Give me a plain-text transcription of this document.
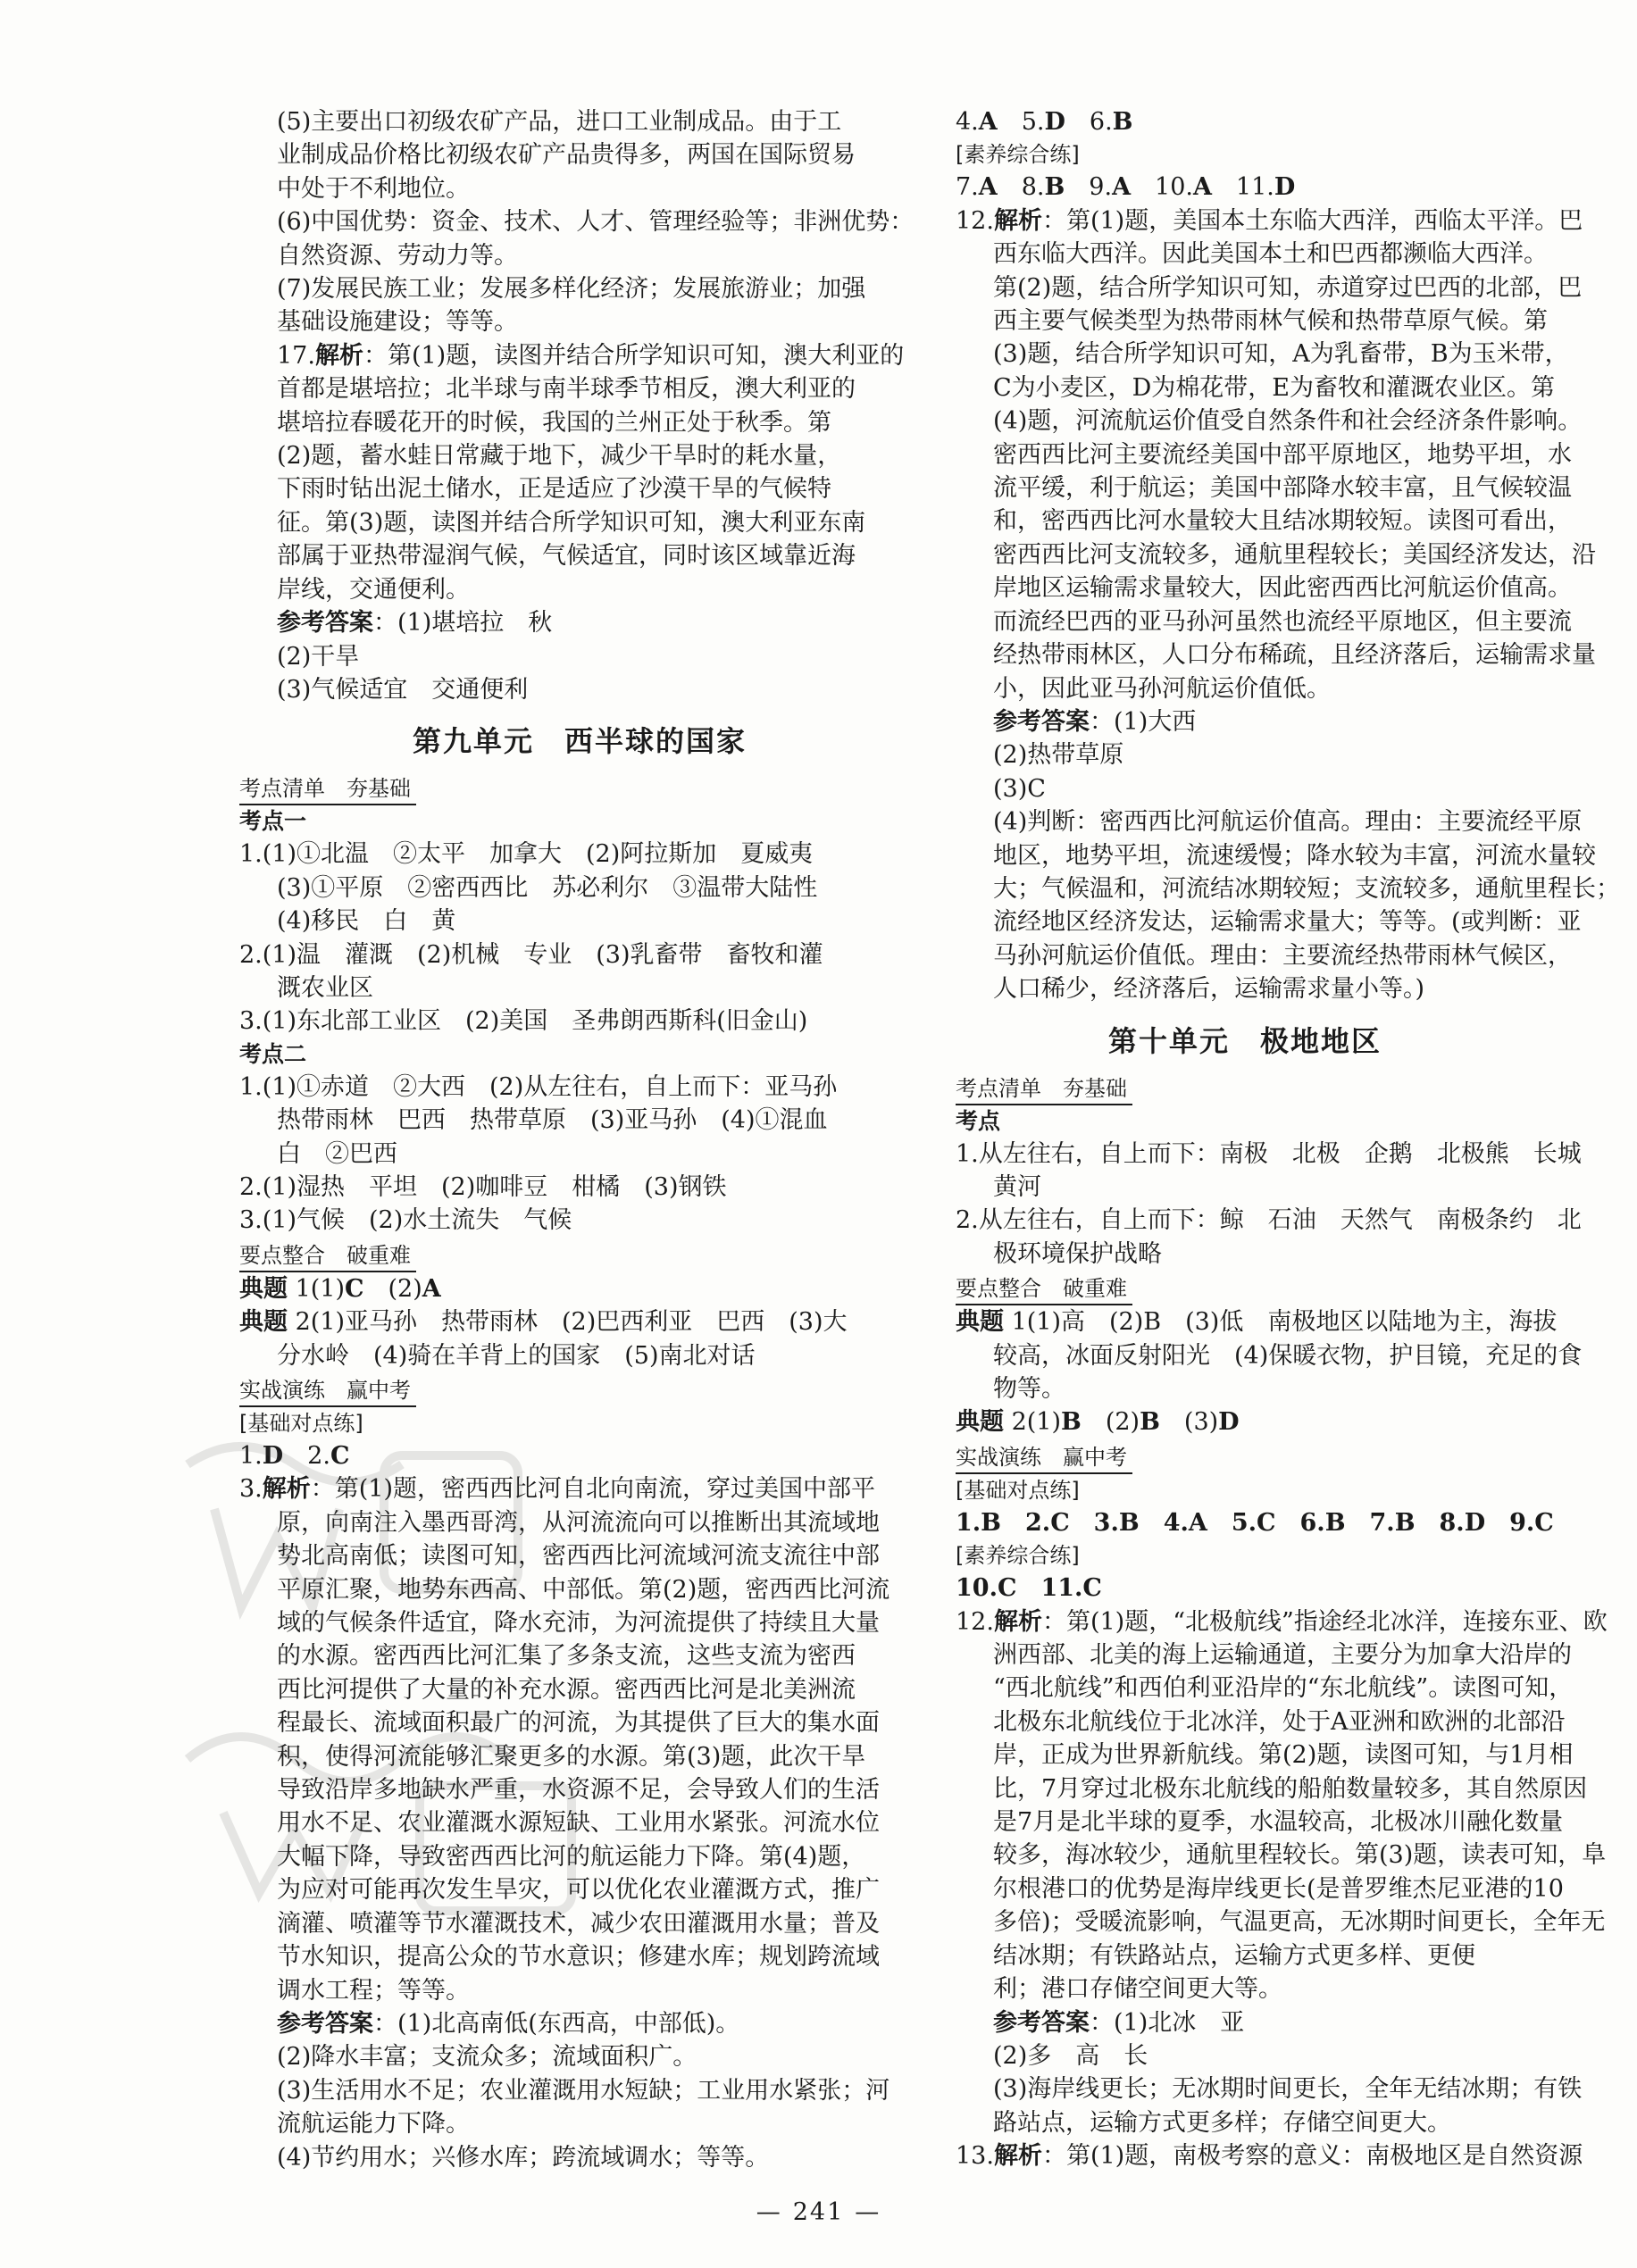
(5)主要出口初级农矿产品，进口工业制成品。由于工
业制成品价格比初级农矿产品贵得多，两国在国际贸易
中处于不利地位。
(6)中国优势：资金、技术、人才、管理经验等；非洲优势：
自然资源、劳动力等。
(7)发展民族工业；发展多样化经济；发展旅游业；加强
基础设施建设；等等。
17.解析：第(1)题，读图并结合所学知识可知，澳大利亚的
首都是堪培拉；北半球与南半球季节相反，澳大利亚的
堪培拉春暖花开的时候，我国的兰州正处于秋季。第
(2)题，蓄水蛙日常藏于地下，减少干旱时的耗水量，
下雨时钻出泥土储水，正是适应了沙漠干旱的气候特
征。第(3)题，读图并结合所学知识可知，澳大利亚东南
部属于亚热带湿润气候，气候适宜，同时该区域靠近海
岸线，交通便利。
参考答案：(1)堪培拉　秋
(2)干旱
(3)气候适宜　交通便利
第九单元　西半球的国家
考点清单　夯基础
考点一
1.(1)①北温　②太平　加拿大　(2)阿拉斯加　夏威夷
(3)①平原　②密西西比　苏必利尔　③温带大陆性
(4)移民　白　黄
2.(1)温　灌溉　(2)机械　专业　(3)乳畜带　畜牧和灌
溉农业区
3.(1)东北部工业区　(2)美国　圣弗朗西斯科(旧金山)
考点二
1.(1)①赤道　②大西　(2)从左往右，自上而下：亚马孙
热带雨林　巴西　热带草原　(3)亚马孙　(4)①混血
白　②巴西
2.(1)湿热　平坦　(2)咖啡豆　柑橘　(3)钢铁
3.(1)气候　(2)水土流失　气候
要点整合　破重难
典题 1(1)C　(2)A
典题 2(1)亚马孙　热带雨林　(2)巴西利亚　巴西　(3)大
分水岭　(4)骑在羊背上的国家　(5)南北对话
实战演练　赢中考
[基础对点练]
1.D　2.C
3.解析：第(1)题，密西西比河自北向南流，穿过美国中部平
原，向南注入墨西哥湾，从河流流向可以推断出其流域地
势北高南低；读图可知，密西西比河流域河流支流往中部
平原汇聚，地势东西高、中部低。第(2)题，密西西比河流
域的气候条件适宜，降水充沛，为河流提供了持续且大量
的水源。密西西比河汇集了多条支流，这些支流为密西
西比河提供了大量的补充水源。密西西比河是北美洲流
程最长、流域面积最广的河流，为其提供了巨大的集水面
积，使得河流能够汇聚更多的水源。第(3)题，此次干旱
导致沿岸多地缺水严重，水资源不足，会导致人们的生活
用水不足、农业灌溉水源短缺、工业用水紧张。河流水位
大幅下降，导致密西西比河的航运能力下降。第(4)题，
为应对可能再次发生旱灾，可以优化农业灌溉方式，推广
滴灌、喷灌等节水灌溉技术，减少农田灌溉用水量；普及
节水知识，提高公众的节水意识；修建水库；规划跨流域
调水工程；等等。
参考答案：(1)北高南低(东西高，中部低)。
(2)降水丰富；支流众多；流域面积广。
(3)生活用水不足；农业灌溉用水短缺；工业用水紧张；河
流航运能力下降。
(4)节约用水；兴修水库；跨流域调水；等等。
4.A　5.D　6.B
[素养综合练]
7.A　8.B　9.A　10.A　11.D
12.解析：第(1)题，美国本土东临大西洋，西临太平洋。巴
西东临大西洋。因此美国本土和巴西都濒临大西洋。
第(2)题，结合所学知识可知，赤道穿过巴西的北部，巴
西主要气候类型为热带雨林气候和热带草原气候。第
(3)题，结合所学知识可知，A为乳畜带，B为玉米带，
C为小麦区，D为棉花带，E为畜牧和灌溉农业区。第
(4)题，河流航运价值受自然条件和社会经济条件影响。
密西西比河主要流经美国中部平原地区，地势平坦，水
流平缓，利于航运；美国中部降水较丰富，且气候较温
和，密西西比河水量较大且结冰期较短。读图可看出，
密西西比河支流较多，通航里程较长；美国经济发达，沿
岸地区运输需求量较大，因此密西西比河航运价值高。
而流经巴西的亚马孙河虽然也流经平原地区，但主要流
经热带雨林区，人口分布稀疏，且经济落后，运输需求量
小，因此亚马孙河航运价值低。
参考答案：(1)大西
(2)热带草原
(3)C
(4)判断：密西西比河航运价值高。理由：主要流经平原
地区，地势平坦，流速缓慢；降水较为丰富，河流水量较
大；气候温和，河流结冰期较短；支流较多，通航里程长；
流经地区经济发达，运输需求量大；等等。(或判断：亚
马孙河航运价值低。理由：主要流经热带雨林气候区，
人口稀少，经济落后，运输需求量小等。)
第十单元　极地地区
考点清单　夯基础
考点
1.从左往右，自上而下：南极　北极　企鹅　北极熊　长城
黄河
2.从左往右，自上而下：鲸　石油　天然气　南极条约　北
极环境保护战略
要点整合　破重难
典题 1(1)高　(2)B　(3)低　南极地区以陆地为主，海拔
较高，冰面反射阳光　(4)保暖衣物，护目镜，充足的食
物等。
典题 2(1)B　(2)B　(3)D
实战演练　赢中考
[基础对点练]
1.B　2.C　3.B　4.A　5.C　6.B　7.B　8.D　9.C
[素养综合练]
10.C　11.C
12.解析：第(1)题，“北极航线”指途经北冰洋，连接东亚、欧
洲西部、北美的海上运输通道，主要分为加拿大沿岸的
“西北航线”和西伯利亚沿岸的“东北航线”。读图可知，
北极东北航线位于北冰洋，处于A亚洲和欧洲的北部沿
岸，正成为世界新航线。第(2)题，读图可知，与1月相
比，7月穿过北极东北航线的船舶数量较多，其自然原因
是7月是北半球的夏季，水温较高，北极冰川融化数量
较多，海冰较少，通航里程较长。第(3)题，读表可知，阜
尔根港口的优势是海岸线更长(是普罗维杰尼亚港的10
多倍)；受暖流影响，气温更高，无冰期时间更长，全年无
结冰期；有铁路站点，运输方式更多样、更便
利；港口存储空间更大等。
参考答案：(1)北冰　亚
(2)多　高　长
(3)海岸线更长；无冰期时间更长，全年无结冰期；有铁
路站点，运输方式更多样；存储空间更大。
13.解析：第(1)题，南极考察的意义：南极地区是自然资源
— 241 —
